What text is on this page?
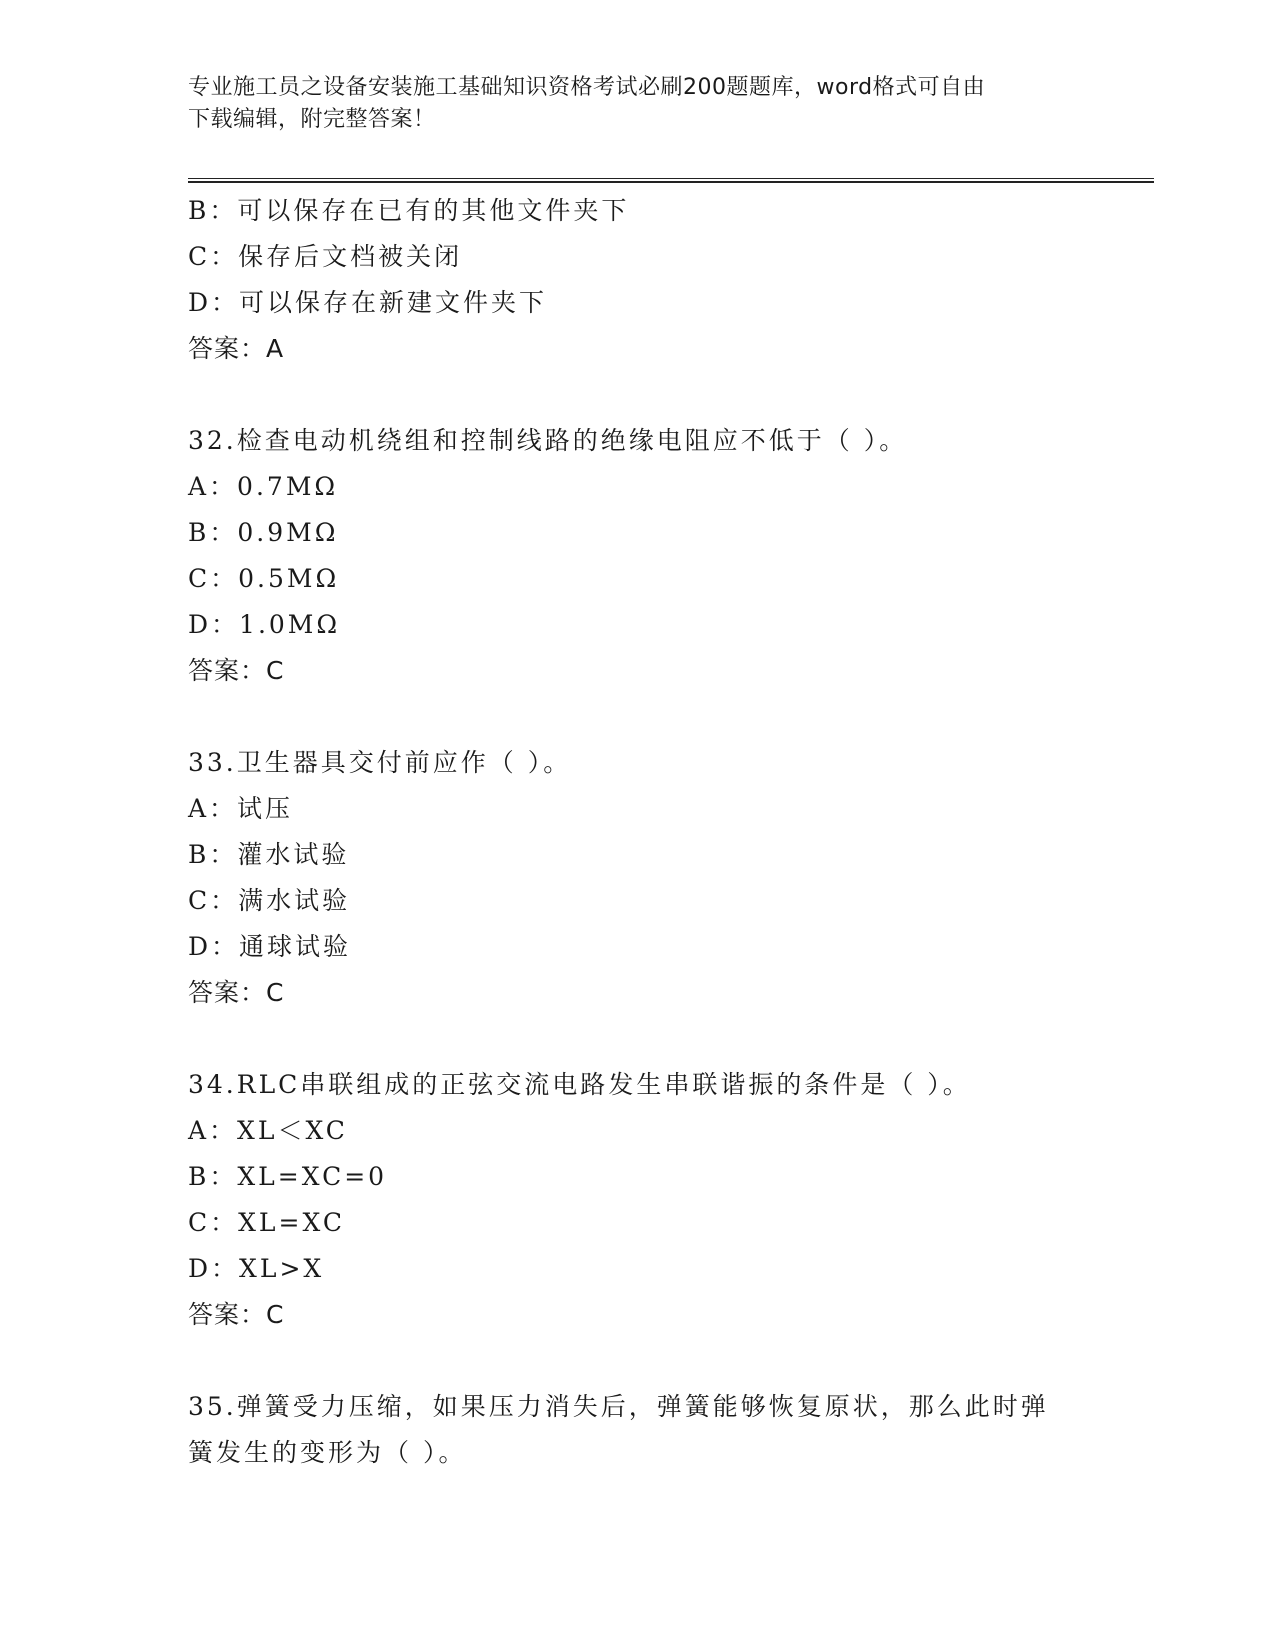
专业施工员之设备安装施工基础知识资格考试必刷200题题库，word格式可自由
下载编辑，附完整答案！
B：可以保存在已有的其他文件夹下
C：保存后文档被关闭
D：可以保存在新建文件夹下
答案：A
32.检查电动机绕组和控制线路的绝缘电阻应不低于（ ）。
A：0.7MΩ
B：0.9MΩ
C：0.5MΩ
D：1.0MΩ
答案：C
33.卫生器具交付前应作（ ）。
A：试压
B：灌水试验
C：满水试验
D：通球试验
答案：C
34.RLC串联组成的正弦交流电路发生串联谐振的条件是（ ）。
A：XL＜XC
B：XL=XC=0
C：XL=XC
D：XL>X
答案：C
35.弹簧受力压缩，如果压力消失后，弹簧能够恢复原状，那么此时弹
簧发生的变形为（ ）。
